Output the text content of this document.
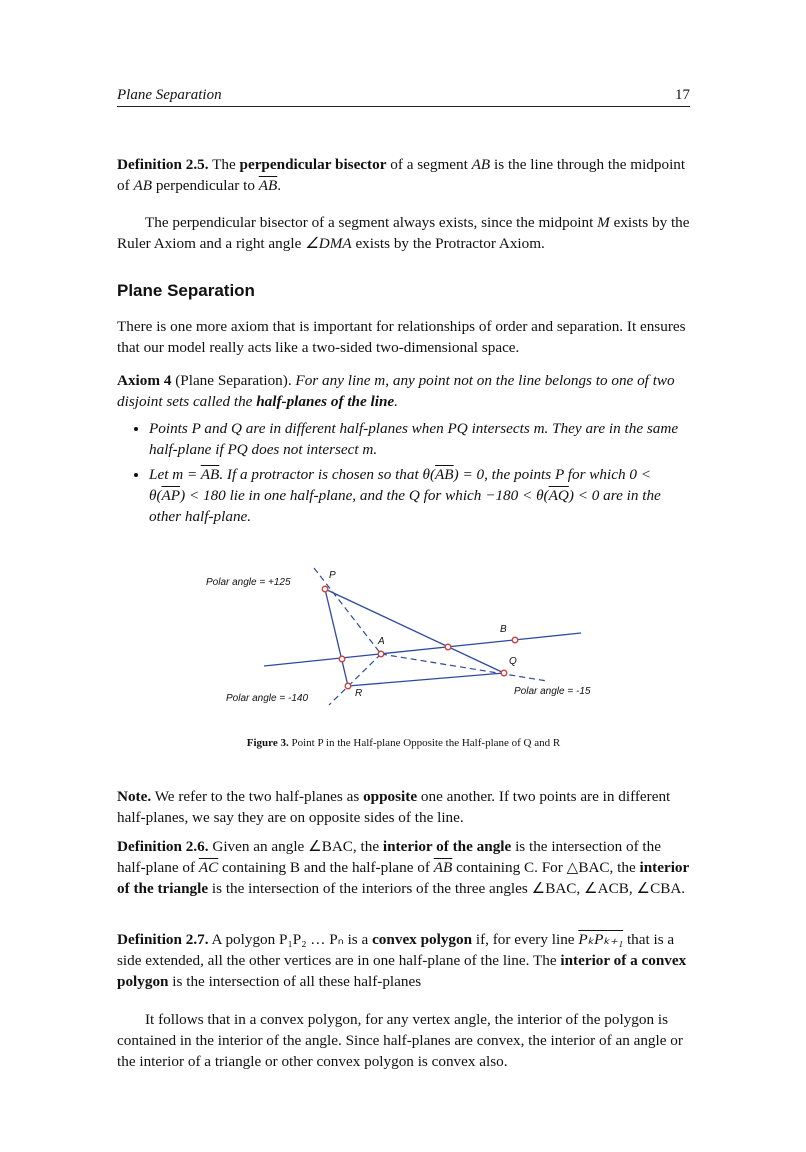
Plane Separation	17

Definition 2.5. The perpendicular bisector of a segment AB is the line through the midpoint of AB perpendicular to $\overline{AB}$.

The perpendicular bisector of a segment always exists, since the midpoint M exists by the Ruler Axiom and a right angle ∠DMA exists by the Protractor Axiom.

Plane Separation

There is one more axiom that is important for relationships of order and separation. It ensures that our model really acts like a two-sided two-dimensional space.

Axiom 4 (Plane Separation). For any line m, any point not on the line belongs to one of two disjoint sets called the half-planes of the line.

• Points P and Q are in different half-planes when PQ intersects m. They are in the same half-plane if PQ does not intersect m.
• Let $m = \overline{AB}$. If a protractor is chosen so that $\theta(\overline{AB}) = 0$, the points P for which $0 < \theta(\overline{AP}) < 180$ lie in one half-plane, and the Q for which $-180 < \theta(\overline{AQ}) < 0$ are in the other half-plane.
P
A
B
Q
R
Polar angle = +125
Polar angle = -140
Polar angle = -15
Figure 3. Point P in the Half-plane Opposite the Half-plane of Q and R

Note. We refer to the two half-planes as opposite one another. If two points are in different half-planes, we say they are on opposite sides of the line.

Definition 2.6. Given an angle ∠BAC, the interior of the angle is the intersection of the half-plane of $\overline{AC}$ containing B and the half-plane of $\overline{AB}$ containing C. For △BAC, the interior of the triangle is the intersection of the interiors of the three angles ∠BAC, ∠ACB, ∠CBA.

Definition 2.7. A polygon P₁P₂ … Pₙ is a convex polygon if, for every line PₖPₖ₊₁ that is a side extended, all the other vertices are in one half-plane of the line. The interior of a convex polygon is the intersection of all these half-planes

It follows that in a convex polygon, for any vertex angle, the interior of the polygon is contained in the interior of the angle. Since half-planes are convex, the interior of an angle or the interior of a triangle or other convex polygon is convex also.
